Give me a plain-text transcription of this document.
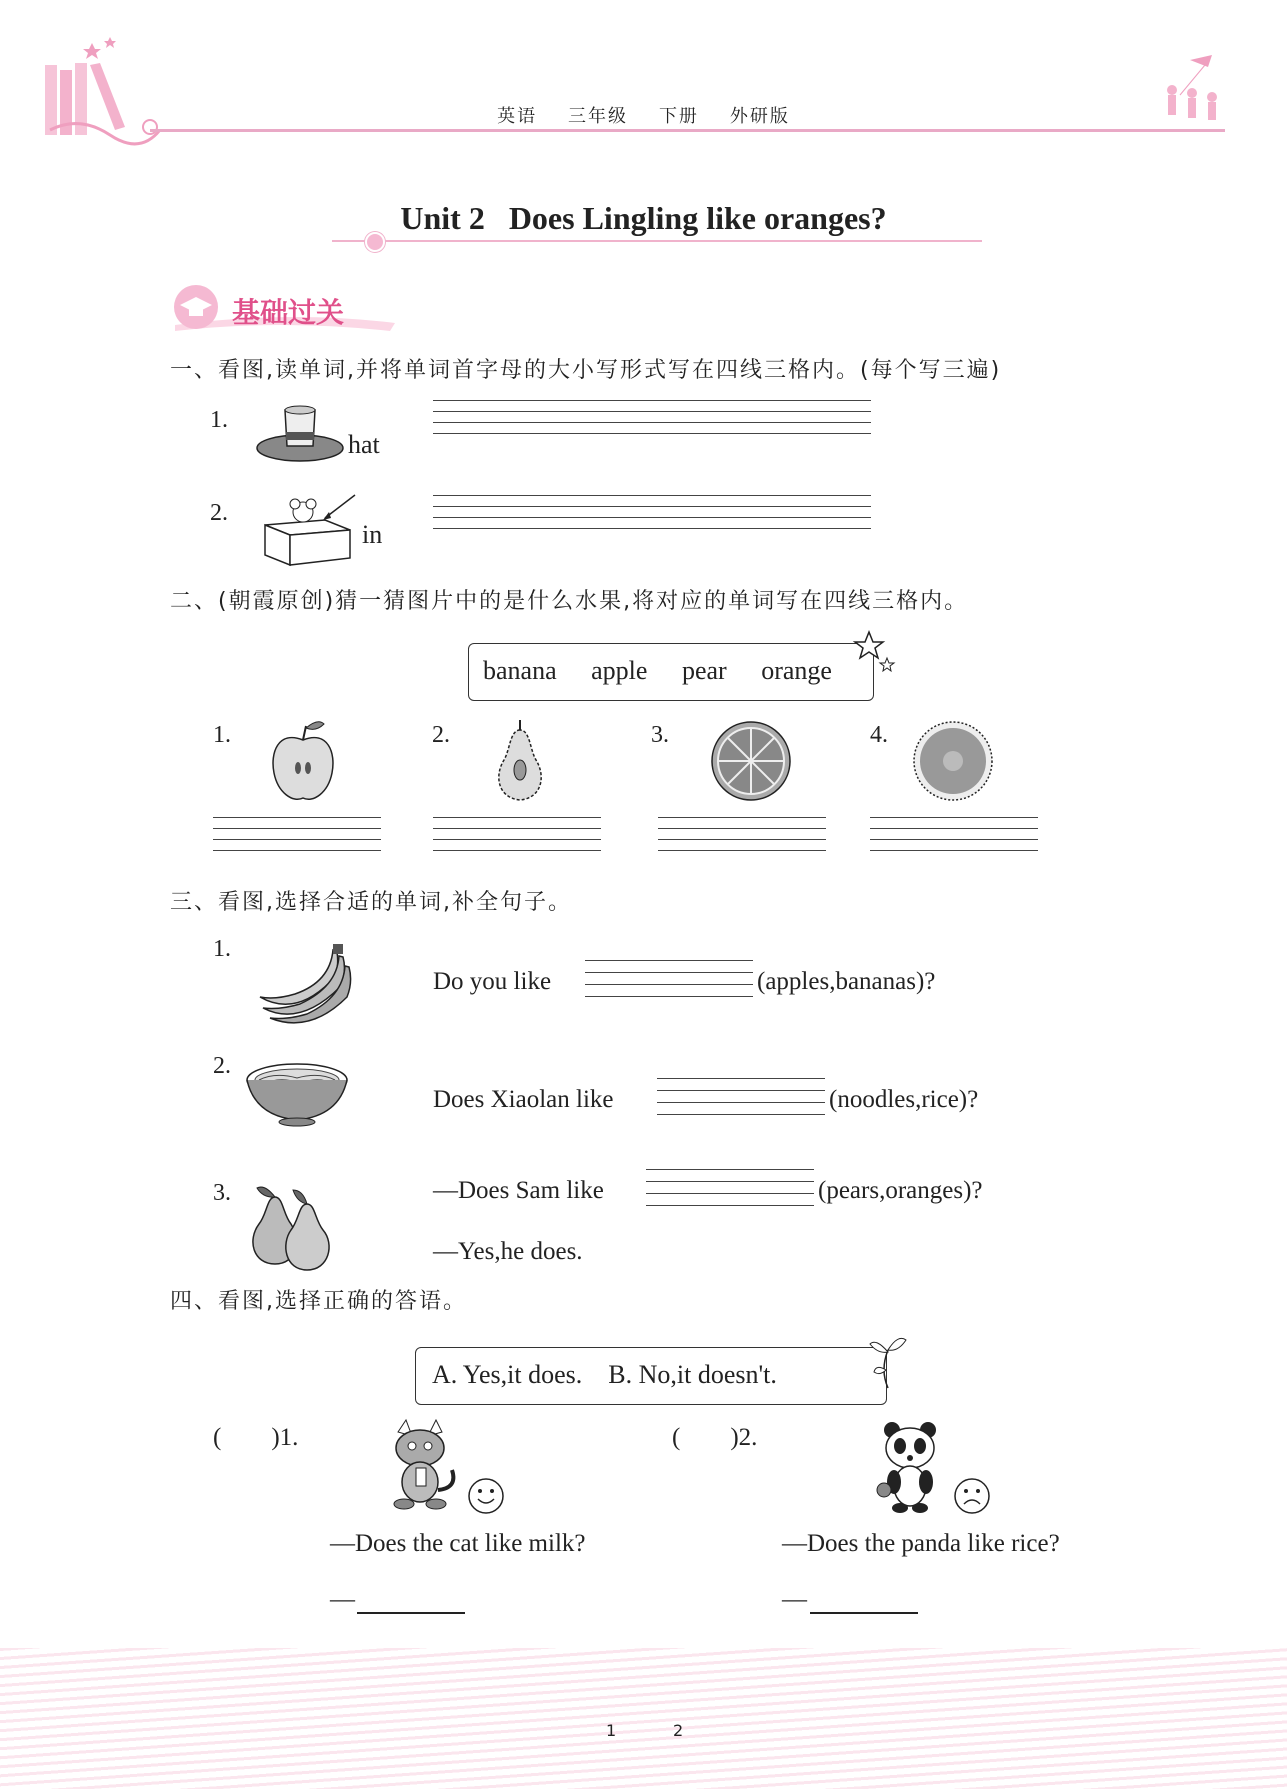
英语 三年级 下册 外研版
Unit 2   Does Lingling like oranges?
基础过关
一、看图,读单词,并将单词首字母的大小写形式写在四线三格内。(每个写三遍)
1.
hat
2.
in
二、(朝霞原创)猜一猜图片中的是什么水果,将对应的单词写在四线三格内。
banana apple pear orange
1.	2.	3.	4.
三、看图,选择合适的单词,补全句子。
1.
Do you like	(apples,bananas)?
2.
Does Xiaolan like	(noodles,rice)?
3.	—Does Sam like	(pears,oranges)?
—Yes,he does.
四、看图,选择正确的答语。
A. Yes,it does.    B. No,it doesn't.
(        )1.
—Does the cat like milk?
—
(        )2.
—Does the panda like rice?
—
1	2
